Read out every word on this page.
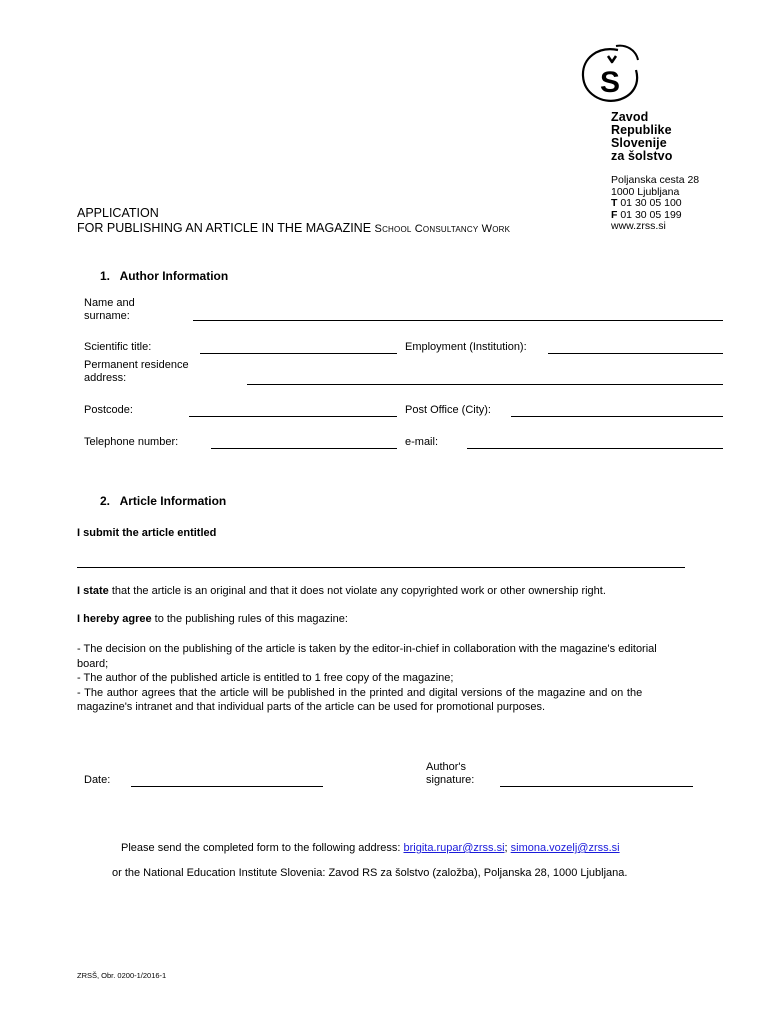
S
Zavod
Republike
Slovenije
za šolstvo
Poljanska cesta 28
1000 Ljubljana
T 01 30 05 100
F 01 30 05 199
www.zrss.si
APPLICATION
FOR PUBLISHING AN ARTICLE IN THE MAGAZINE School Consultancy Work
1.   Author Information
Name and
surname:
Scientific title:	Employment (Institution):
Permanent residence
address:
Postcode:	Post Office (City):
Telephone number:	e-mail:
2.   Article Information
I submit the article entitled
I state that the article is an original and that it does not violate any copyrighted work or other ownership right.
I hereby agree to the publishing rules of this magazine:
- The decision on the publishing of the article is taken by the editor-in-chief in collaboration with the magazine's editorial
board;
- The author of the published article is entitled to 1 free copy of the magazine;
- The author agrees that the article will be published in the printed and digital versions of the magazine and on the
magazine's intranet and that individual parts of the article can be used for promotional purposes.
Date:
Author's
signature:
Please send the completed form to the following address: brigita.rupar@zrss.si; simona.vozelj@zrss.si
or the National Education Institute Slovenia: Zavod RS za šolstvo (založba), Poljanska 28, 1000 Ljubljana.
ZRSŠ, Obr. 0200-1/2016-1
